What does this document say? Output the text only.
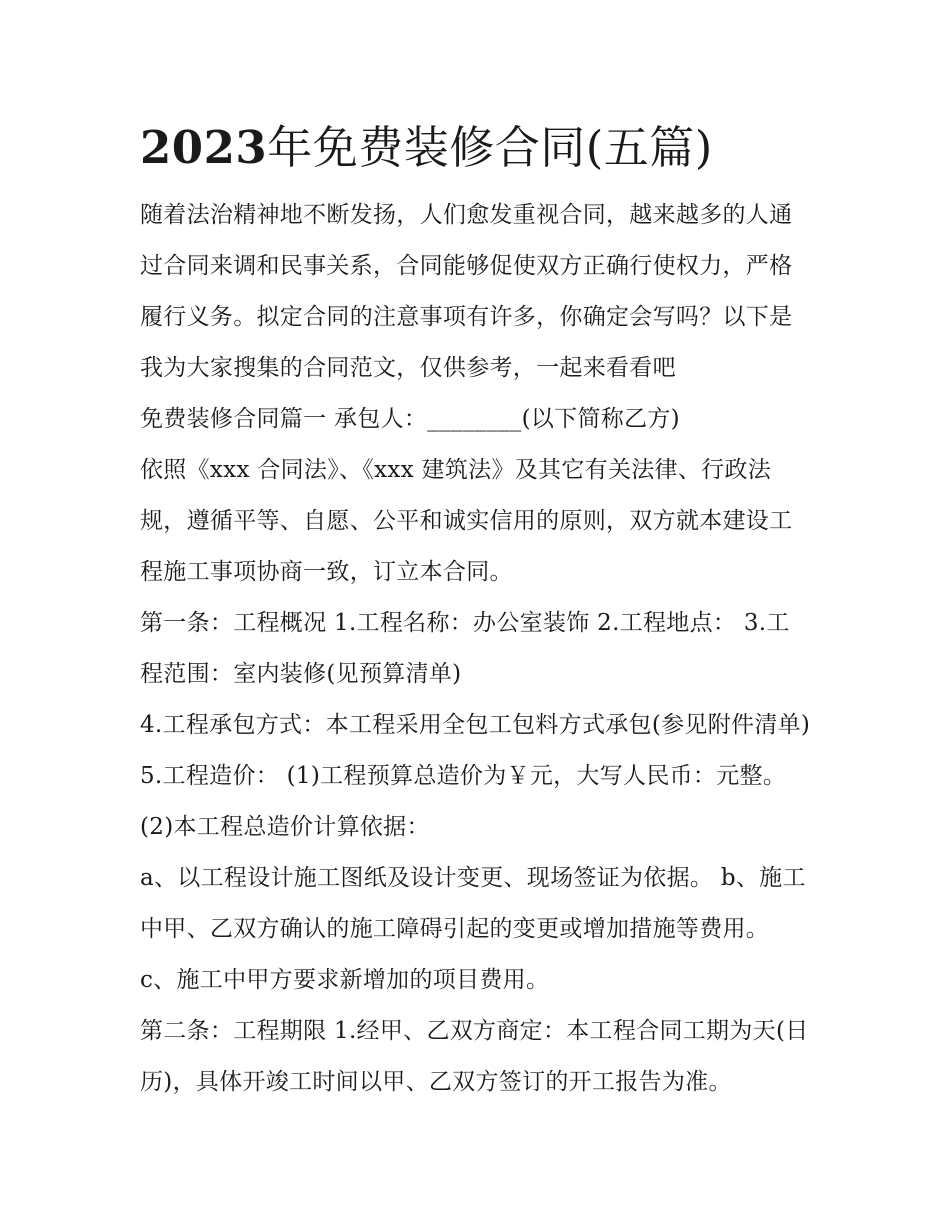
2023年免费装修合同(五篇)

随着法治精神地不断发扬，人们愈发重视合同，越来越多的人通过合同来调和民事关系，合同能够促使双方正确行使权力，严格履行义务。拟定合同的注意事项有许多，你确定会写吗？以下是我为大家搜集的合同范文，仅供参考，一起来看看吧

免费装修合同篇一 承包人：________(以下简称乙方)

依照《xxx 合同法》、《xxx 建筑法》及其它有关法律、行政法规，遵循平等、自愿、公平和诚实信用的原则，双方就本建设工程施工事项协商一致，订立本合同。

第一条：工程概况 1.工程名称：办公室装饰 2.工程地点： 3.工程范围：室内装修(见预算清单)

4.工程承包方式：本工程采用全包工包料方式承包(参见附件清单) 5.工程造价： (1)工程预算总造价为￥元，大写人民币：元整。 (2)本工程总造价计算依据：

a、以工程设计施工图纸及设计变更、现场签证为依据。 b、施工中甲、乙双方确认的施工障碍引起的变更或增加措施等费用。 c、施工中甲方要求新增加的项目费用。

第二条：工程期限 1.经甲、乙双方商定：本工程合同工期为天(日历)，具体开竣工时间以甲、乙双方签订的开工报告为准。
